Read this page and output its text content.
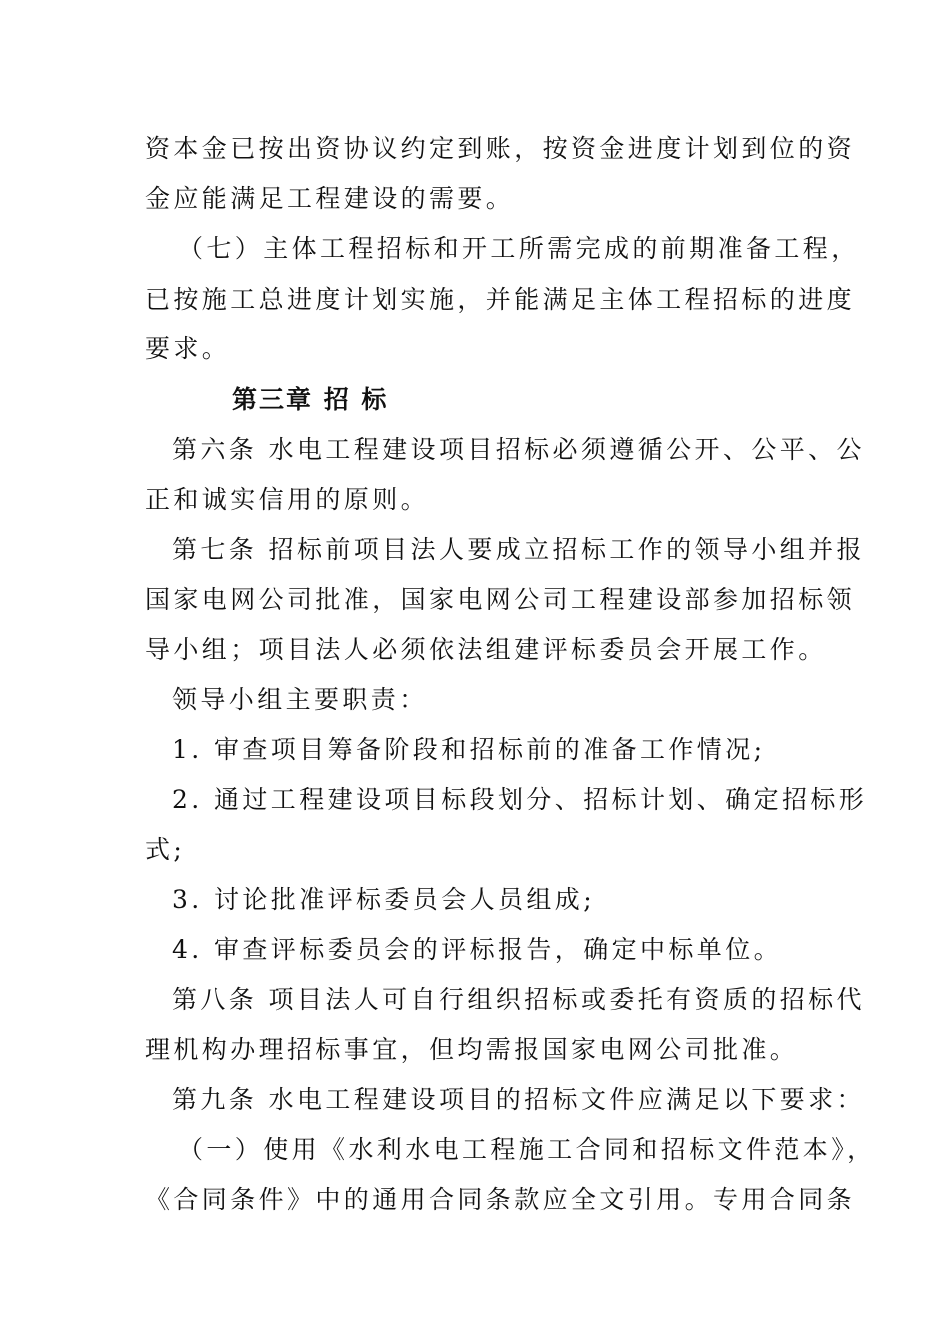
资本金已按出资协议约定到账，按资金进度计划到位的资
金应能满足工程建设的需要。
（七）主体工程招标和开工所需完成的前期准备工程，
已按施工总进度计划实施，并能满足主体工程招标的进度
要求。
第三章 招 标
第六条 水电工程建设项目招标必须遵循公开、公平、公
正和诚实信用的原则。
第七条 招标前项目法人要成立招标工作的领导小组并报
国家电网公司批准，国家电网公司工程建设部参加招标领
导小组；项目法人必须依法组建评标委员会开展工作。
领导小组主要职责：
1. 审查项目筹备阶段和招标前的准备工作情况;
2. 通过工程建设项目标段划分、招标计划、确定招标形
式;
3. 讨论批准评标委员会人员组成;
4. 审查评标委员会的评标报告，确定中标单位。
第八条 项目法人可自行组织招标或委托有资质的招标代
理机构办理招标事宜，但均需报国家电网公司批准。
第九条 水电工程建设项目的招标文件应满足以下要求：
（一）使用《水利水电工程施工合同和招标文件范本》，
《合同条件》中的通用合同条款应全文引用。专用合同条
